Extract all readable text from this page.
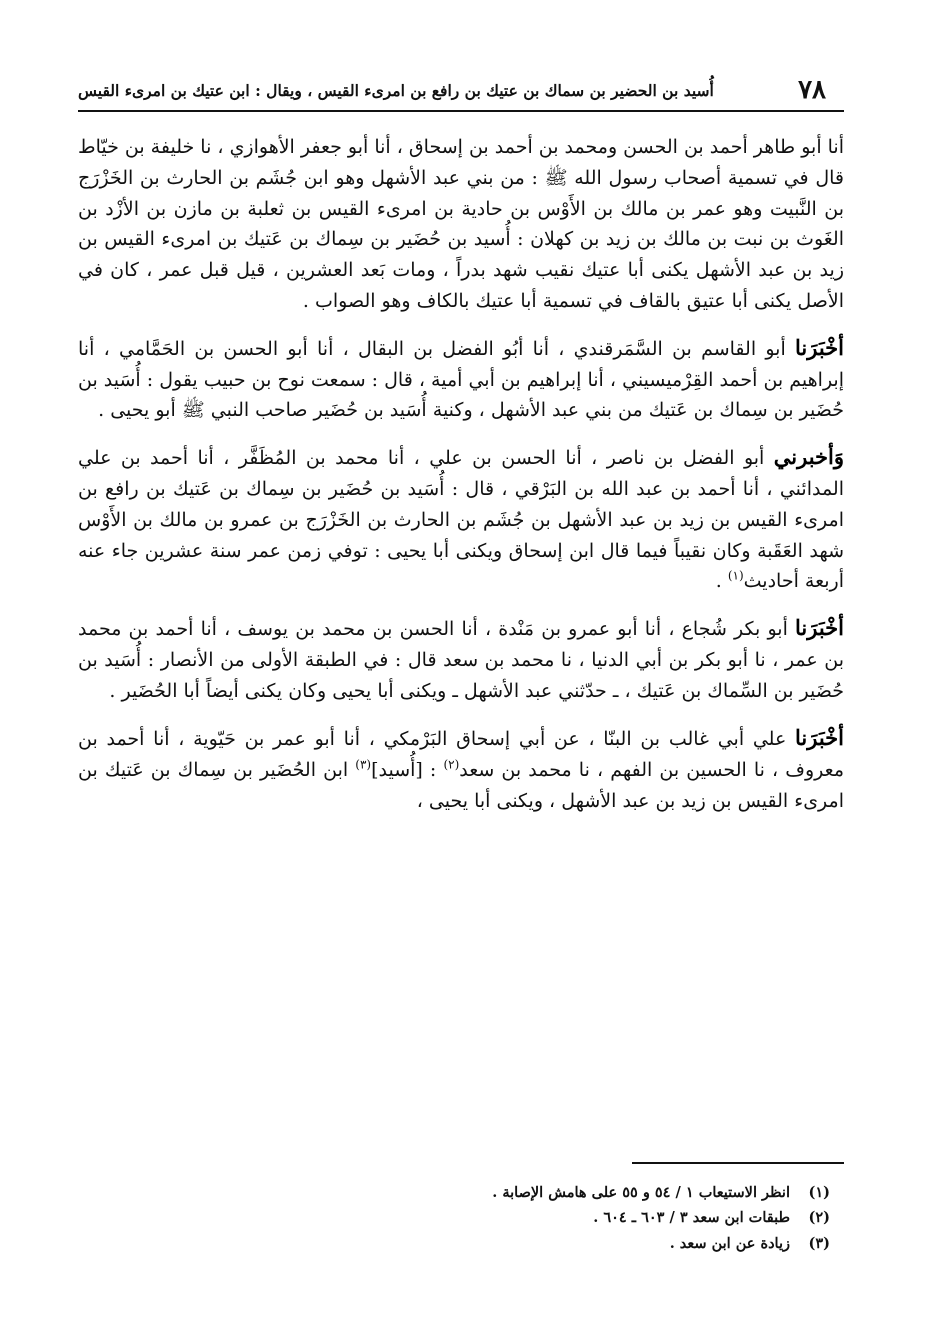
٧٨
أُسيد بن الحضير بن سماك بن عتيك بن رافع بن امرىء القيس ، ويقال : ابن عتيك بن امرىء القيس

أنا أبو طاهر أحمد بن الحسن ومحمد بن أحمد بن إسحاق ، أنا أبو جعفر الأهوازي ، نا خليفة بن خيّاط قال في تسمية أصحاب رسول الله ﷺ : من بني عبد الأشهل وهو ابن جُشَم بن الحارث بن الخَزْرَج بن النَّبيت وهو عمر بن مالك بن الأَوْس بن حادية بن امرىء القيس بن ثعلبة بن مازن بن الأزْد بن الغَوث بن نبت بن مالك بن زيد بن كهلان : أُسيد بن حُضَير بن سِماك بن عَتيك بن امرىء القيس بن زيد بن عبد الأشهل يكنى أبا عتيك نقيب شهد بدراً ، ومات بَعد العشرين ، قيل قبل عمر ، كان في الأصل يكنى أبا عتيق بالقاف في تسمية أبا عتيك بالكاف وهو الصواب .

أخْبَرَنا أبو القاسم بن السَّمَرقندي ، أنا أبُو الفضل بن البقال ، أنا أبو الحسن بن الحَمَّامي ، أنا إبراهيم بن أحمد القِرْميسيني ، أنا إبراهيم بن أبي أمية ، قال : سمعت نوح بن حبيب يقول : أُسَيد بن حُضَير بن سِماك بن عَتيك من بني عبد الأشهل ، وكنية أُسَيد بن حُضَير صاحب النبي ﷺ أبو يحيى .

وَأخبرني أبو الفضل بن ناصر ، أنا الحسن بن علي ، أنا محمد بن المُظَفَّر ، أنا أحمد بن علي المدائني ، أنا أحمد بن عبد الله بن البَرْقي ، قال : أُسَيد بن حُضَير بن سِماك بن عَتيك بن رافع بن امرىء القيس بن زيد بن عبد الأشهل بن جُشَم بن الحارث بن الخَزْرَج بن عمرو بن مالك بن الأَوْس شهد العَقَبة وكان نقيباً فيما قال ابن إسحاق ويكنى أبا يحيى : توفي زمن عمر سنة عشرين جاء عنه أربعة أحاديث$^{(١)}$ .

أخْبَرَنا أبو بكر شُجاع ، أنا أبو عمرو بن مَنْدة ، أنا الحسن بن محمد بن يوسف ، أنا أحمد بن محمد بن عمر ، نا أبو بكر بن أبي الدنيا ، نا محمد بن سعد قال : في الطبقة الأولى من الأنصار : أُسَيد بن حُضَير بن السِّماك بن عَتيك ، ـ حدّثني عبد الأشهل ـ ويكنى أبا يحيى وكان يكنى أيضاً أبا الحُضَير .

أخْبَرَنا علي أبي غالب بن البنّا ، عن أبي إسحاق البَرْمكي ، أنا أبو عمر بن حَيّوية ، أنا أحمد بن معروف ، نا الحسين بن الفهم ، نا محمد بن سعد$^{(٢)}$ : [أُسيد]$^{(٣)}$ ابن الحُضَير بن سِماك بن عَتيك بن امرىء القيس بن زيد بن عبد الأشهل ، ويكنى أبا يحيى ،

(١)
انظر الاستيعاب ١ / ٥٤ و ٥٥ على هامش الإصابة .
(٢)
طبقات ابن سعد ٣ / ٦٠٣ ـ ٦٠٤ .
(٣)
زيادة عن ابن سعد .
